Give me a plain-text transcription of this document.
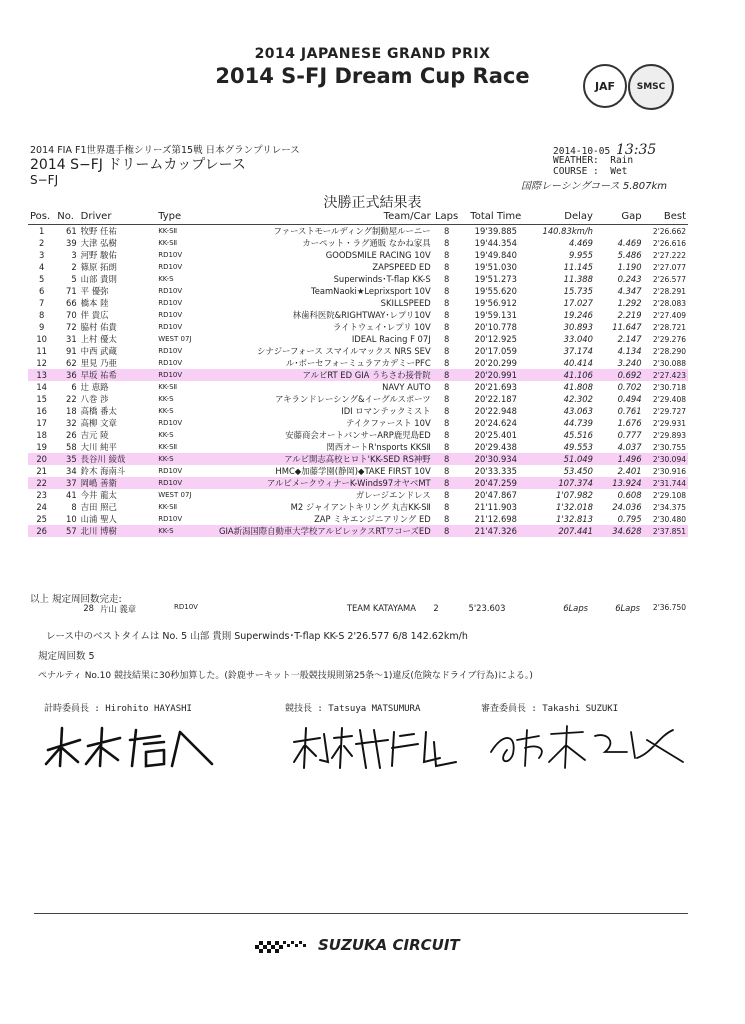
2014 JAPANESE GRAND PRIX
2014 S-FJ Dream Cup Race	JAF SMSC
2014 FIA F1世界選手権シリーズ第15戦 日本グランプリレース
2014 S−FJ ドリームカップレース
S−FJ
2014-10-05 13:35
WEATHER: Rain
COURSE : Wet
国際レーシングコース 5.807km
決勝正式結果表
Pos.	No.	Driver	Type	Team/Car	Laps	Total Time	Delay	Gap	Best
1	61	牧野 任祐	KK-SⅡ	ファーストモールディング制動屋ルーニー	8	19'39.885	140.83km/h		2'26.662
2	39	大津 弘樹	KK-SⅡ	カーペット・ラグ通販 なかね家具	8	19'44.354	4.469	4.469	2'26.616
3	3	河野 駿佑	RD10V	GOODSMILE RACING 10V	8	19'49.840	9.955	5.486	2'27.222
4	2	篠原 拓朗	RD10V	ZAPSPEED ED	8	19'51.030	11.145	1.190	2'27.077
5	5	山部 貴則	KK-S	Superwinds･T-flap KK-S	8	19'51.273	11.388	0.243	2'26.577
6	71	平 優弥	RD10V	TeamNaoki★Leprixsport 10V	8	19'55.620	15.735	4.347	2'28.291
7	66	橋本 陸	RD10V	SKILLSPEED	8	19'56.912	17.027	1.292	2'28.083
8	70	伴 貴広	RD10V	林歯科医院&RIGHTWAY･レプリ10V	8	19'59.131	19.246	2.219	2'27.409
9	72	脇村 佑貴	RD10V	ライトウェイ･レプリ 10V	8	20'10.778	30.893	11.647	2'28.721
10	31	上村 優太	WEST 07J	IDEAL Racing F 07J	8	20'12.925	33.040	2.147	2'29.276
11	91	中西 武蔵	RD10V	シナジーフォース スマイルマックス NRS SEV	8	20'17.059	37.174	4.134	2'28.290
12	62	里見 乃亜	RD10V	ル･ボーセフォーミュラアカデミーPFC	8	20'20.299	40.414	3.240	2'30.088
13	36	早坂 祐希	RD10V	アルビRT ED GIA うちさわ接骨院	8	20'20.991	41.106	0.692	2'27.423
14	6	辻 恵路	KK-SⅡ	NAVY AUTO	8	20'21.693	41.808	0.702	2'30.718
15	22	八巻 渉	KK-S	アキランドレーシング&イーグルスポーツ	8	20'22.187	42.302	0.494	2'29.408
16	18	高橋 番太	KK-S	IDI ロマンテックミスト	8	20'22.948	43.063	0.761	2'29.727
17	32	高柳 文章	RD10V	テイクファースト 10V	8	20'24.624	44.739	1.676	2'29.931
18	26	吉元 陵	KK-S	安藤商会オートバンサーARP鹿児島ED	8	20'25.401	45.516	0.777	2'29.893
19	58	大川 純平	KK-SⅡ	関西オートR'nsports KKSⅡ	8	20'29.438	49.553	4.037	2'30.755
20	35	長谷川 綾哉	KK-S	アルビ開志高校ヒロト'KK-SED RS神野	8	20'30.934	51.049	1.496	2'30.094
21	34	鈴木 海南斗	RD10V	HMC◆加藤学園(静岡)◆TAKE FIRST 10V	8	20'33.335	53.450	2.401	2'30.916
22	37	岡嶋 善衛	RD10V	アルビメークウィナーK-Winds97オヤベMT	8	20'47.259	107.374	13.924	2'31.744
23	41	今井 龍太	WEST 07J	ガレージエンドレス	8	20'47.867	1'07.982	0.608	2'29.108
24	8	吉田 照己	KK-SⅡ	M2 ジャイアントキリング 丸吉KK-SⅡ	8	21'11.903	1'32.018	24.036	2'34.375
25	10	山浦 聖人	RD10V	ZAP ミキエンジニアリング ED	8	21'12.698	1'32.813	0.795	2'30.480
26	57	北川 博樹	KK-S	GIA新潟国際自動車大学校アルビレックスRTワコーズED	8	21'47.326	207.441	34.628	2'37.851
以上 規定周回数完走:
28 片山 義章	RD10V	TEAM KATAYAMA	2	5'23.603	6Laps	6Laps	2'36.750
レース中のベストタイムは No. 5 山部 貴則 Superwinds･T-flap KK-S 2'26.577 6/8 142.62km/h
規定周回数 5
ペナルティ No.10 競技結果に30秒加算した。(鈴鹿サーキット一般競技規則第25条〜1)違反(危険なドライブ行為)による。)
計時委員長 : Hirohito HAYASHI	競技長 : Tatsuya MATSUMURA	審査委員長 : Takashi SUZUKI
SUZUKA CIRCUIT
